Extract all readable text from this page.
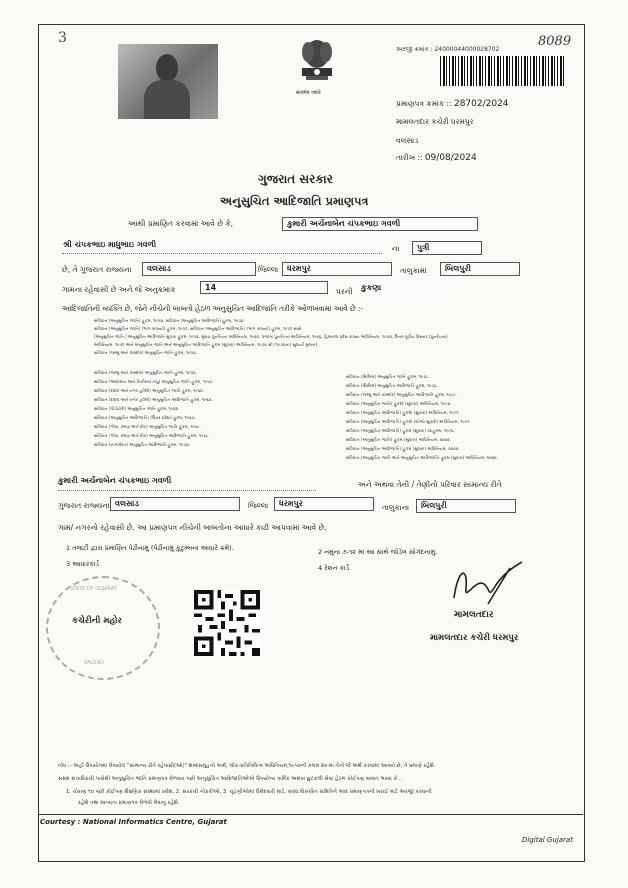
3	8089
सत्यमेव जयते
અરજી ક્રમાંક : 24000044000028702
પ્રમાણપત્ર ક્રમાંક :: 28702/2024
મામલતદાર કચેરી ધરમપુર
વલસાડ
તારીખ :: 09/08/2024
ગુજરાત સરકાર
અનુસુચિત આદિજાતિ પ્રમાણપત્ર
આથી પ્રમાણિત કરવામાં આવે છે કે,	કુમારી અર્ચનાબેન ચંપકભાઇ ગવળી
શ્રી ચંપકભાઇ માધુભાઇ ગવળી	ના	પુત્રી
છે, તે ગુજરાત રાજ્યના	વલસાડ	જિલ્લા	ધરમપુર	તાલુકામાં	બિલપુરી
ગામના રહેવાસી છે અને જે અનુક્રમાંક	14	પરની	કુકણા
આદિજાતિની વ્યક્તિ છે, જેને નીચેની બાબતો હેઠળ અનુસુચિત આદિજાતિ તરીકે ઓળખવામાં આવે છે :-
સંવિધાન (અનુસુચિત જાતિ) હુકમ, ૧૯૫૦, સંવિધાન (અનુસુચિત આદિજાતિ) હુકમ, ૧૯૫૦.
સંવિધાન (અનુસુચિત જાતિ) (ભાગ રાજ્યો) હુકમ, ૧૯૫૧, સંવિધાન (અનુસુચિત આદિજાતિ) (ભાગ રાજ્યો) હુકમ, ૧૯૫૧ સાથે.
[અનુસુચિત જાતિ / અનુસુચિત આદિજાતિ સુધારા હુકમ, ૧૯૫૬, મુંબઇ પુનર્રચના અધિનિયમ, ૧૯૬૦, પંજાબ પુનર્રચના અધિનિયમ, ૧૯૬૬, હિમાચલ પ્રદેશ રાજ્ય અધિનિયમ, ૧૯૭૦, ઉત્તર-પૂર્વીય વિસ્તાર (પુનર્રચના)
અધિનિયમ, ૧૯૭૧ અને અનુસુચિત જાતિ અને અનુસુચિત આદિજાતિ હુકમ (સુધારા) અધિનિયમ, ૧૯૭૬ થી (૧૯૭૬ના) સુધાર્યા મુજબ].
સંવિધાન (જમ્મુ અને કાશ્મીર) અનુસુચિત જાતિ હુકમ, ૧૯૫૬.
સંવિધાન (જમ્મુ અને કાશ્મીર) અનુસુચિત જાતિ હુકમ, ૧૯૫૬.
સંવિધાન (આંદામાન અને નિકોબાર ટાપુ) અનુસુચિત જાતિ હુકમ, ૧૯૫૯.
સંવિધાન (દાદરા અને નગર હવેલી) અનુસુચિત જાતિ હુકમ, ૧૯૬૨.
સંવિધાન (દાદરા અને નગર હવેલી) અનુસુચિત આદિજાતિ હુકમ, ૧૯૬૨.
સંવિધાન (પોંડીચેરી) અનુસુચિત જાતિ હુકમ, ૧૯૬૪.
સંવિધાન (અનુસુચિત આદિજાતિ) (ઉત્તર પ્રદેશ) હુકમ, ૧૯૬૭.
સંવિધાન (ગોવા, દમણ અને દીવ) અનુસુચિત જાતિ હુકમ, ૧૯૬૮.
સંવિધાન (ગોવા, દમણ અને દીવ) અનુસુચિત આદિજાતિ હુકમ, ૧૯૬૮.
સંવિધાન (નાગાલેન્ડ) અનુસુચિત આદિજાતિ હુકમ, ૧૯૭૦.
સંવિધાન (સિક્કિમ) અનુસુચિત જાતિ હુકમ, ૧૯૭૮.
સંવિધાન (સિક્કિમ) અનુસુચિત આદિજાતિ હુકમ, ૧૯૭૮.
સંવિધાન (જમ્મુ અને કાશ્મીર) અનુસુચિત આદિજાતિ હુકમ, ૧૯૮૯.
સંવિધાન (અનુસુચિત જાતિ) હુકમો (સુધારા) અધિનિયમ, ૧૯૯૦.
સંવિધાન (અનુસુચિત આદિજાતિ) હુકમો (સુધારા) અધિનિયમ, ૧૯૯૧.
સંવિધાન (અનુસુચિત આદિજાતિ) હુકમો (બીજો સુધારો) અધિનિયમ, ૧૯૯૧.
સંવિધાન (અનુસુચિત આદિજાતિ) હુકમ (સુધારા) વટહુકમ, ૧૯૯૬.
સંવિધાન (અનુસુચિત જાતિ) હુકમ (સુધારા) અધિનિયમ, ૨૦૦૨.
સંવિધાન (અનુસુચિત આદિજાતિ) હુકમ (સુધારા) અધિનિયમ, ૨૦૦૨.
સંવિધાન (અનુસુચિત જાતિ અને અનુસુચિત આદિજાતિ) હુકમ (સુધારા) અધિનિયમ, ૨૦૦૨.
કુમારી અર્ચનાબેન ચંપકભાઇ ગવળી	અને અથવા તેની / તેણીનો પરિવાર સામાન્ય રીતે
ગુજરાત રાજ્યના વલસાડ	જિલ્લા	ધરમપુર	તાલુકાના	બિલપુરી
ગામ/ નગરનો રહેવાસી છે. આ પ્રમાણપત્ર નીચેની બાબતોના આધારે કાઢી આપવામાં આવે છે.
1 તલાટી દ્વારા પ્રમાણિત પેઢીનામું (પેઢીનામું કુટુમ્બના આધારે ક્રમે).	2 નમુના ૭-૧૨ માં આ સાથે જોડેલ સોગંદનામું.
3 આધારકાર્ડ	4 રેશન કાર્ડ
STATE OF GUJARAT
કચેરીની મહોર
VALSAD
મામલતદાર
મામલતદાર કચેરી ધરમપુર
નોંધ :- અહીં ઉપયોગમાં લેવાયેલ "સામાન્ય રીતે રહેવાસી(ઓ)" શબ્દસમુહનો અર્થ, લોક-પ્રતિનિધિત્વ અધિનિયમ,૧૯૫૦ની કલમ ૨૦-માં તેનો જે અર્થ કરવામાં આવ્યો છે, તે પ્રમાણે રહેશે.
સક્ષમ સત્તાધિકારી પાસેથી અનુસુચિત જાતિ પ્રમાણપત્ર મેળવ્યા પછી અનુસુચિત આદિજાતિઓએ ઉપયોગ્ય વાર્ષિક અથવા છુટકલી સેવા હેઠળ કોઈપણ બાબત ભરવા કે...
1. ચોરાણ ૧૦ પછી કોઈપણ શૈક્ષણિક સંસ્થામાં પ્રવેશ, 2. સરકારી નોકરીઓ, 3. ચૂંટણીઓમાં ઉમેદવારી માટે, સંવંધ વિસ્તરિત સમિતિને આદ પ્રમાણપત્રની ખરાઈ માટે અરજી કરવાની
રહેશે તથા માન્યતા પ્રમાણપત્ર મેળવી લેવાનું રહેશે.
Courtesy : National Informatics Centre, Gujarat
Digital Gujarat
